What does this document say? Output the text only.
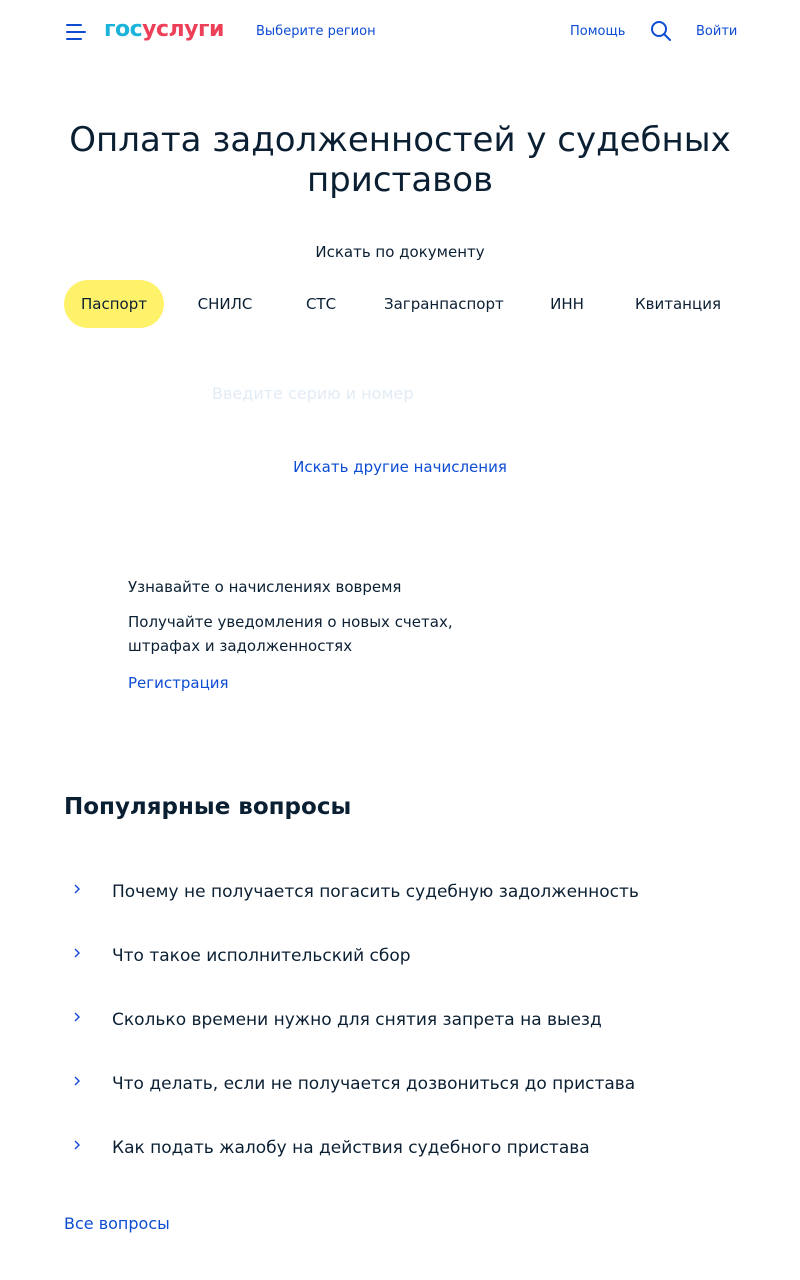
госуслуги Выберите регион	Помощь	Войти
Оплата задолженностей у судебных приставов
Искать по документу
Паспорт	СНИЛС	СТС	Загранпаспорт	ИНН	Квитанция
Введите серию и номер
Искать другие начисления
Узнавайте о начислениях вовремя
Получайте уведомления о новых счетах, штрафах и задолженностях
Регистрация
Популярные вопросы
Почему не получается погасить судебную задолженность
Что такое исполнительский сбор
Сколько времени нужно для снятия запрета на выезд
Что делать, если не получается дозвониться до пристава
Как подать жалобу на действия судебного пристава
Все вопросы
